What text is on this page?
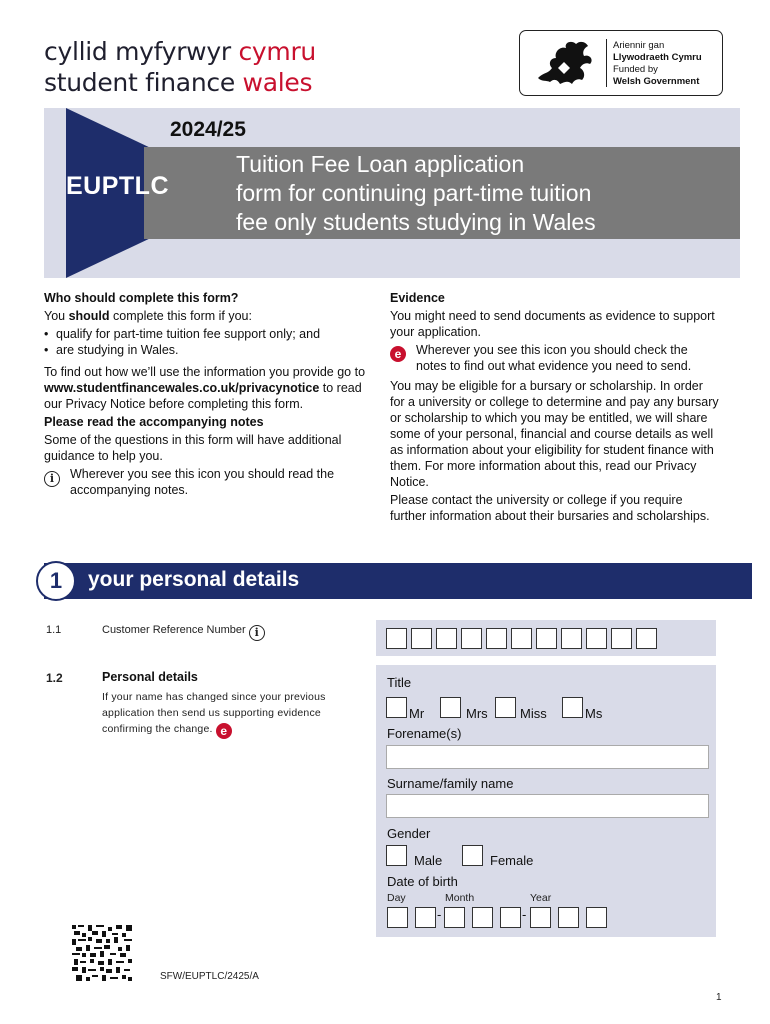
cyllid myfyrwyr cymru
student finance wales
Ariennir gan
Llywodraeth Cymru
Funded by
Welsh Government
2024/25
EUPTLC
Tuition Fee Loan application
form for continuing part-time tuition
fee only students studying in Wales

Who should complete this form?

You should complete this form if you:

• qualify for part-time tuition fee support only; and
• are studying in Wales.

To find out how we’ll use the information you provide go to www.studentfinancewales.co.uk/privacynotice to read our Privacy Notice before completing this form.

Please read the accompanying notes

Some of the questions in this form will have additional guidance to help you.

i	Wherever you see this icon you should read the accompanying notes.

Evidence

You might need to send documents as evidence to support your application.

e	Wherever you see this icon you should check the notes to find out what evidence you need to send.

You may be eligible for a bursary or scholarship. In order for a university or college to determine and pay any bursary or scholarship to which you may be entitled, we will share some of your personal, financial and course details as well as information about your eligibility for student finance with them. For more information about this, read our Privacy Notice.

Please contact the university or college if you require further information about their bursaries and scholarships.

1	your personal details
1.1	Customer Reference Number i
1.2	Personal details
If your name has changed since your previous application then send us supporting evidence confirming the change. e
Title
Mr	Mrs Miss	Ms
Forename(s)
Surname/family name
Gender
Male	Female
Date of birth
Day	Month	Year
-	-
SFW/EUPTLC/2425/A
1
